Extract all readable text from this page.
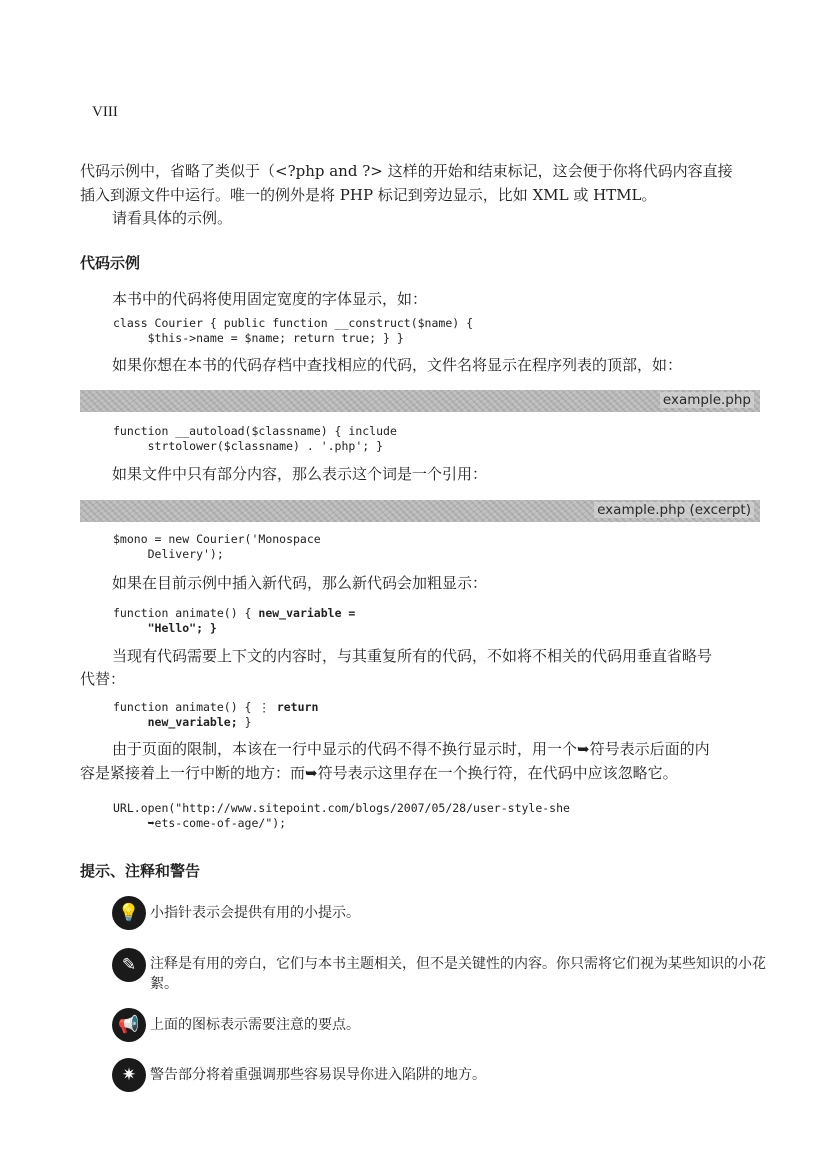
VIII
代码示例中，省略了类似于（<?php and ?> 这样的开始和结束标记，这会便于你将代码内容直接
插入到源文件中运行。唯一的例外是将 PHP 标记到旁边显示，比如 XML 或 HTML。
请看具体的示例。
代码示例
本书中的代码将使用固定宽度的字体显示，如：
class Courier { public function __construct($name) {
$this->name = $name; return true; } }
如果你想在本书的代码存档中查找相应的代码，文件名将显示在程序列表的顶部，如：
example.php
function __autoload($classname) { include
strtolower($classname) . '.php'; }
如果文件中只有部分内容，那么表示这个词是一个引用：
example.php (excerpt)
$mono = new Courier('Monospace
Delivery');
如果在目前示例中插入新代码，那么新代码会加粗显示：
function animate() { new_variable =
"Hello"; }
当现有代码需要上下文的内容时，与其重复所有的代码，不如将不相关的代码用垂直省略号
代替：
function animate() { ⋮ return
new_variable; }
由于页面的限制，本该在一行中显示的代码不得不换行显示时，用一个➥符号表示后面的内
容是紧接着上一行中断的地方：而➥符号表示这里存在一个换行符，在代码中应该忽略它。
URL.open("http://www.sitepoint.com/blogs/2007/05/28/user-style-she
➥ets-come-of-age/");
提示、注释和警告
💡 小指针表示会提供有用的小提示。
✎ 注释是有用的旁白，它们与本书主题相关，但不是关键性的内容。你只需将它们视为某些知识的小花絮。
📢 上面的图标表示需要注意的要点。
✷ 警告部分将着重强调那些容易误导你进入陷阱的地方。
